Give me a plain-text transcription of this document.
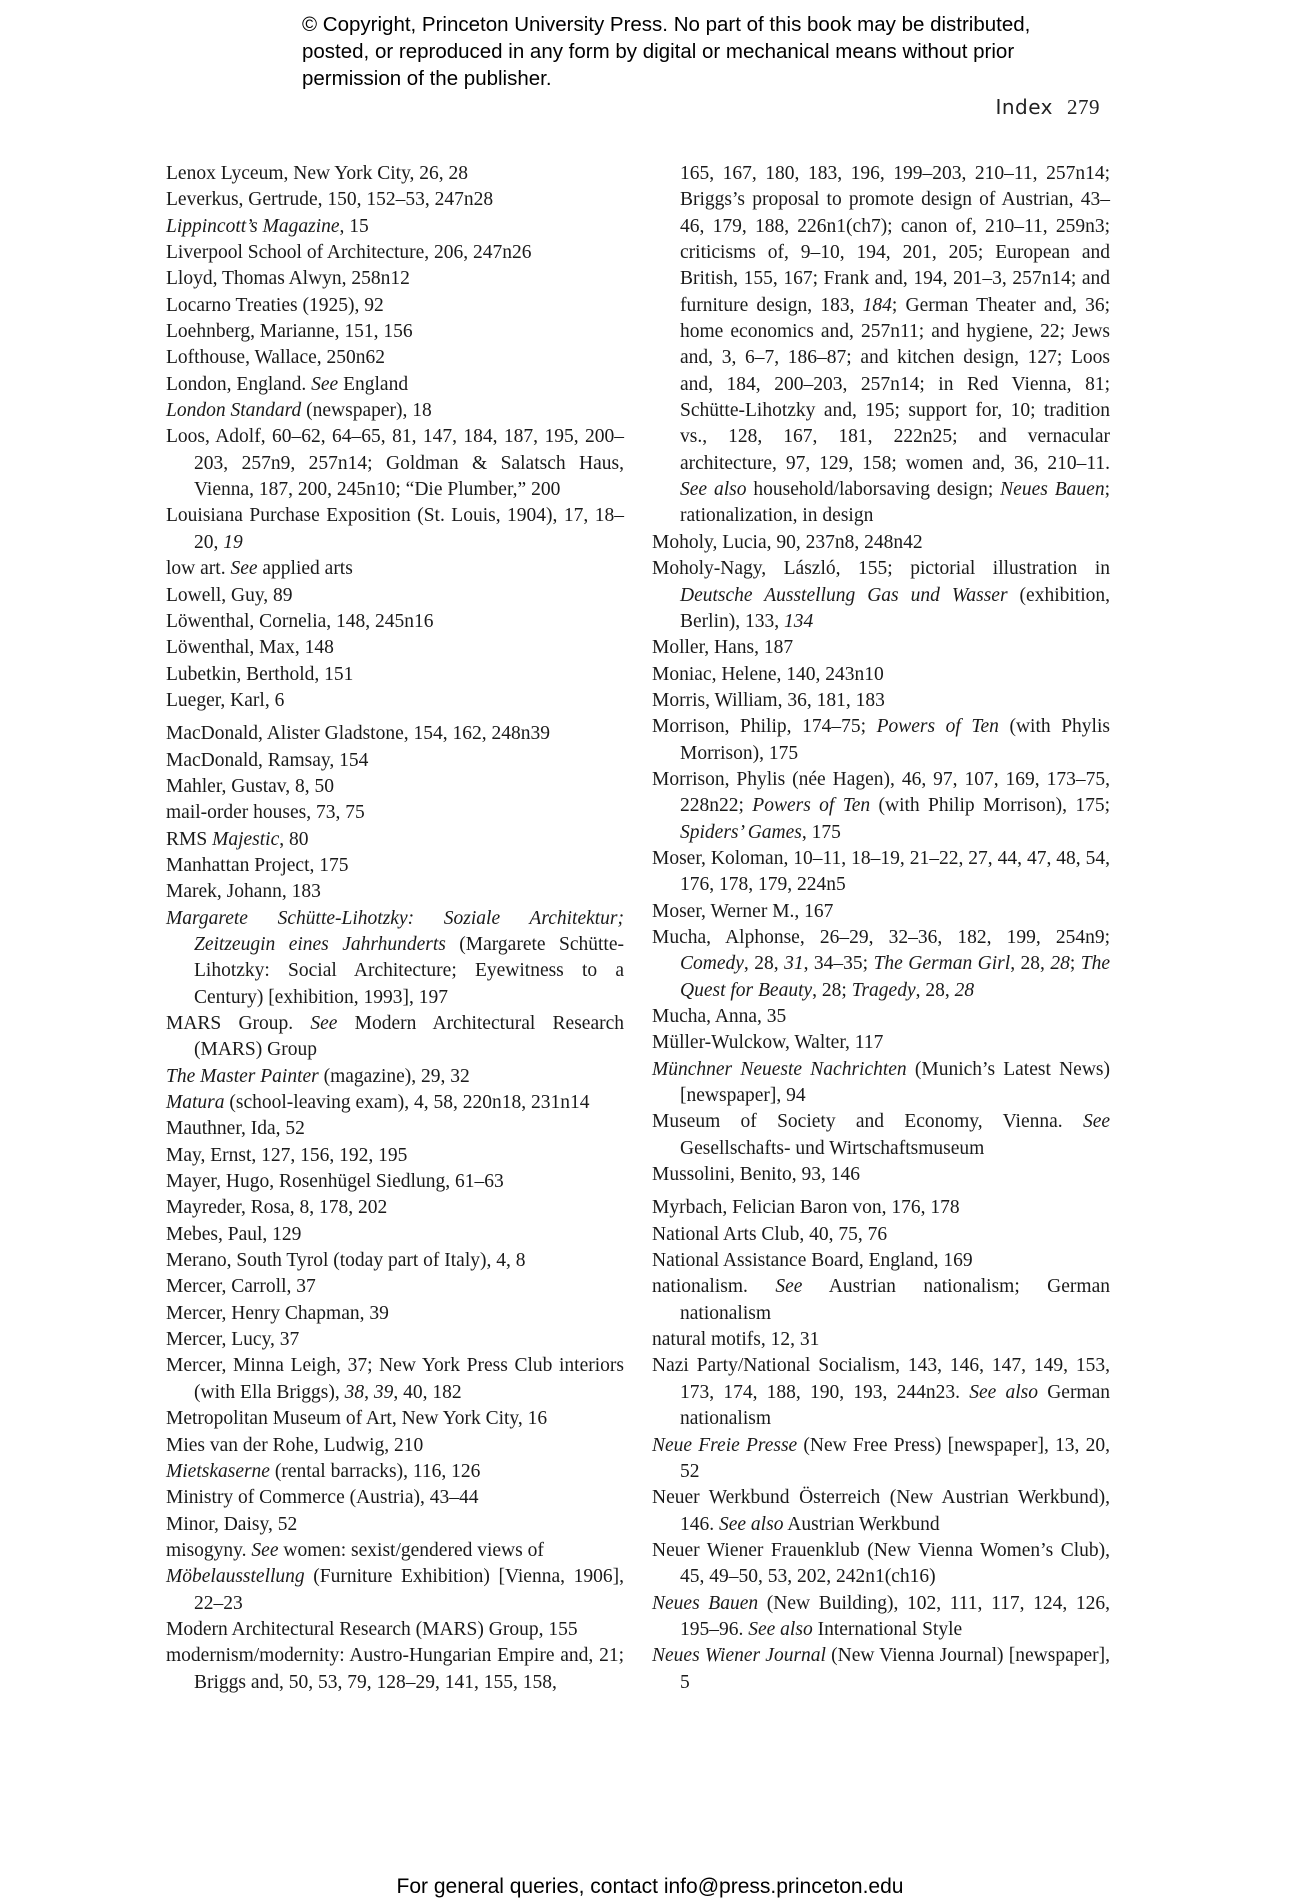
© Copyright, Princeton University Press. No part of this book may be distributed, posted, or reproduced in any form by digital or mechanical means without prior permission of the publisher.
Index 279
Lenox Lyceum, New York City, 26, 28
Leverkus, Gertrude, 150, 152–53, 247n28
Lippincott’s Magazine, 15
Liverpool School of Architecture, 206, 247n26
Lloyd, Thomas Alwyn, 258n12
Locarno Treaties (1925), 92
Loehnberg, Marianne, 151, 156
Lofthouse, Wallace, 250n62
London, England. See England
London Standard (newspaper), 18
Loos, Adolf, 60–62, 64–65, 81, 147, 184, 187, 195, 200–203, 257n9, 257n14; Goldman & Salatsch Haus, Vienna, 187, 200, 245n10; “Die Plumber,” 200
Louisiana Purchase Exposition (St. Louis, 1904), 17, 18–20, 19
low art. See applied arts
Lowell, Guy, 89
Löwenthal, Cornelia, 148, 245n16
Löwenthal, Max, 148
Lubetkin, Berthold, 151
Lueger, Karl, 6
MacDonald, Alister Gladstone, 154, 162, 248n39
MacDonald, Ramsay, 154
Mahler, Gustav, 8, 50
mail-order houses, 73, 75
RMS Majestic, 80
Manhattan Project, 175
Marek, Johann, 183
Margarete Schütte-Lihotzky: Soziale Architektur; Zeitzeugin eines Jahrhunderts (Margarete Schütte-Lihotzky: Social Architecture; Eyewitness to a Century) [exhibition, 1993], 197
MARS Group. See Modern Architectural Research (MARS) Group
The Master Painter (magazine), 29, 32
Matura (school-leaving exam), 4, 58, 220n18, 231n14
Mauthner, Ida, 52
May, Ernst, 127, 156, 192, 195
Mayer, Hugo, Rosenhügel Siedlung, 61–63
Mayreder, Rosa, 8, 178, 202
Mebes, Paul, 129
Merano, South Tyrol (today part of Italy), 4, 8
Mercer, Carroll, 37
Mercer, Henry Chapman, 39
Mercer, Lucy, 37
Mercer, Minna Leigh, 37; New York Press Club interiors (with Ella Briggs), 38, 39, 40, 182
Metropolitan Museum of Art, New York City, 16
Mies van der Rohe, Ludwig, 210
Mietskaserne (rental barracks), 116, 126
Ministry of Commerce (Austria), 43–44
Minor, Daisy, 52
misogyny. See women: sexist/gendered views of
Möbelausstellung (Furniture Exhibition) [Vienna, 1906], 22–23
Modern Architectural Research (MARS) Group, 155
modernism/modernity: Austro-Hungarian Empire and, 21; Briggs and, 50, 53, 79, 128–29, 141, 155, 158,
165, 167, 180, 183, 196, 199–203, 210–11, 257n14; Briggs’s proposal to promote design of Austrian, 43–46, 179, 188, 226n1(ch7); canon of, 210–11, 259n3; criticisms of, 9–10, 194, 201, 205; European and British, 155, 167; Frank and, 194, 201–3, 257n14; and furniture design, 183, 184; German Theater and, 36; home economics and, 257n11; and hygiene, 22; Jews and, 3, 6–7, 186–87; and kitchen design, 127; Loos and, 184, 200–203, 257n14; in Red Vienna, 81; Schütte-Lihotzky and, 195; support for, 10; tradition vs., 128, 167, 181, 222n25; and vernacular architecture, 97, 129, 158; women and, 36, 210–11. See also household/laborsaving design; Neues Bauen; rationalization, in design
Moholy, Lucia, 90, 237n8, 248n42
Moholy-Nagy, László, 155; pictorial illustration in Deutsche Ausstellung Gas und Wasser (exhibition, Berlin), 133, 134
Moller, Hans, 187
Moniac, Helene, 140, 243n10
Morris, William, 36, 181, 183
Morrison, Philip, 174–75; Powers of Ten (with Phylis Morrison), 175
Morrison, Phylis (née Hagen), 46, 97, 107, 169, 173–75, 228n22; Powers of Ten (with Philip Morrison), 175; Spiders’ Games, 175
Moser, Koloman, 10–11, 18–19, 21–22, 27, 44, 47, 48, 54, 176, 178, 179, 224n5
Moser, Werner M., 167
Mucha, Alphonse, 26–29, 32–36, 182, 199, 254n9; Comedy, 28, 31, 34–35; The German Girl, 28, 28; The Quest for Beauty, 28; Tragedy, 28, 28
Mucha, Anna, 35
Müller-Wulckow, Walter, 117
Münchner Neueste Nachrichten (Munich’s Latest News) [newspaper], 94
Museum of Society and Economy, Vienna. See Gesellschafts- und Wirtschaftsmuseum
Mussolini, Benito, 93, 146
Myrbach, Felician Baron von, 176, 178
National Arts Club, 40, 75, 76
National Assistance Board, England, 169
nationalism. See Austrian nationalism; German nationalism
natural motifs, 12, 31
Nazi Party/National Socialism, 143, 146, 147, 149, 153, 173, 174, 188, 190, 193, 244n23. See also German nationalism
Neue Freie Presse (New Free Press) [newspaper], 13, 20, 52
Neuer Werkbund Österreich (New Austrian Werkbund), 146. See also Austrian Werkbund
Neuer Wiener Frauenklub (New Vienna Women’s Club), 45, 49–50, 53, 202, 242n1(ch16)
Neues Bauen (New Building), 102, 111, 117, 124, 126, 195–96. See also International Style
Neues Wiener Journal (New Vienna Journal) [newspaper], 5
For general queries, contact info@press.princeton.edu
